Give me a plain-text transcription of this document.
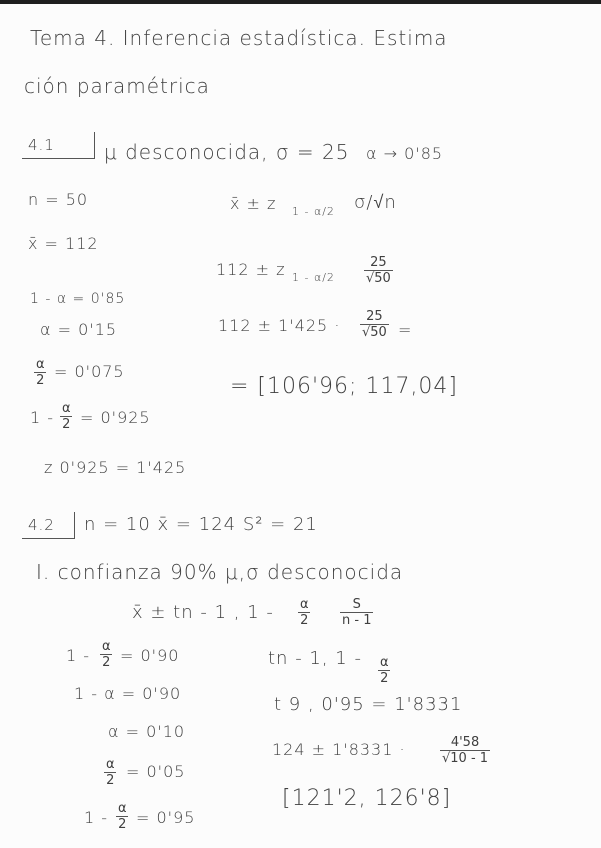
Tema 4. Inferencia estadística. Estima
ción paramétrica
4.1 μ desconocida, σ = 25 α → 0'85
n = 50	x̄ ± z 1 - α/2 σ/√n
x̄ = 112
112 ± z $1 - \alpha/2 \frac{25}{√50}$
1 - α = 0'85
α = 0'15	$112 \pm 1'425 \cdot \frac{25}{√50}$ =
$\frac{\alpha}{2} = 0'075$
= [106'96; 117,04]
$1 - \frac{\alpha}{2} = 0'925$
z 0'925 = 1'425
4.2 n = 10 x̄ = 124 S² = 21
I. confianza 90% μ,σ desconocida
x̄ ± tn - 1 , $1 - \frac{\alpha}{2} \frac{S}{n - 1}$
$1 - \frac{\alpha}{2} = 0'90$	tn - 1, $1 - \frac{\alpha}{2}$
1 - α = 0'90
t 9 , 0'95 = 1'8331
α = 0'10
124 ± 1'8331 ·	$\frac{4'58}{√10 - 1}$
$\frac{\alpha}{2} = 0'05$
[121'2, 126'8]
$1 - \frac{\alpha}{2} = 0'95$
